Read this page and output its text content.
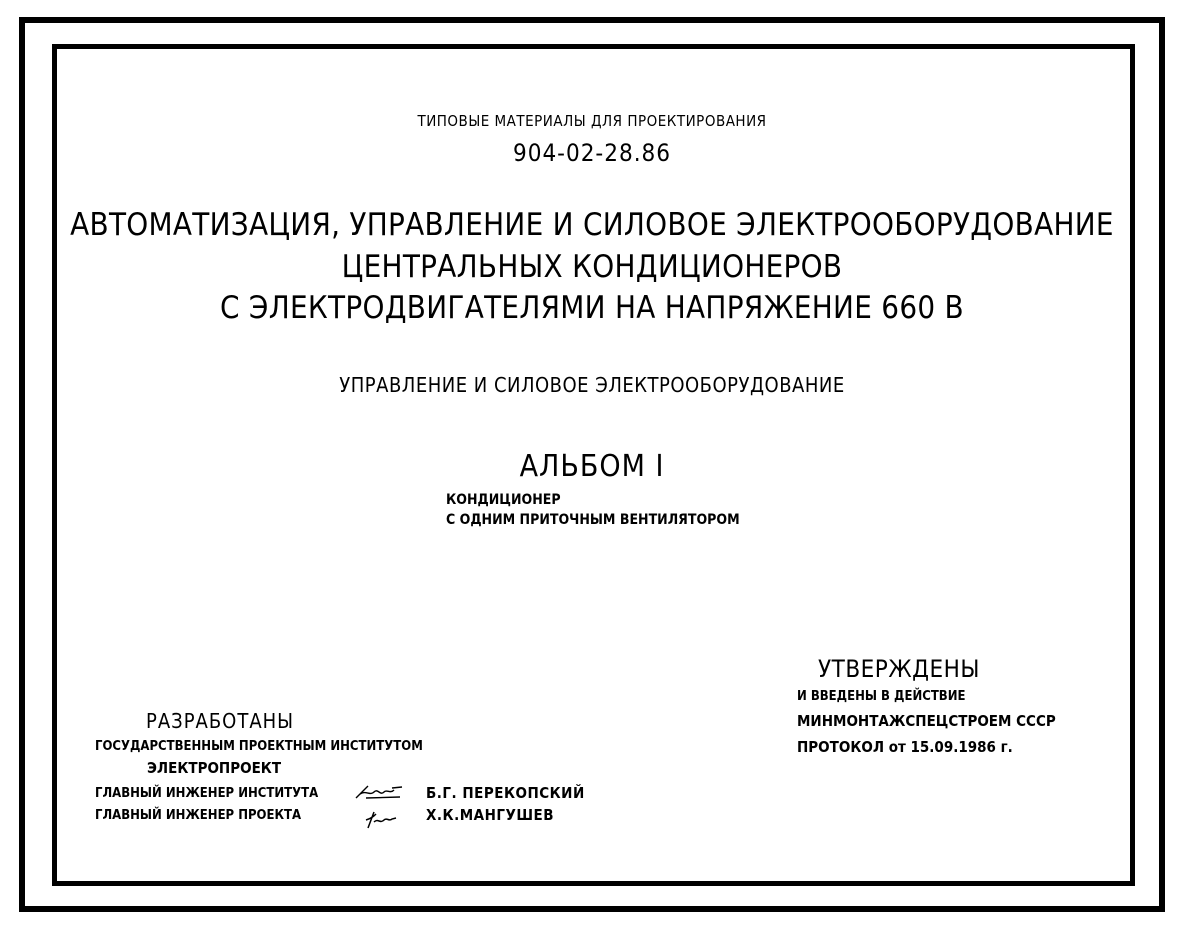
ТИПОВЫЕ МАТЕРИАЛЫ ДЛЯ ПРОЕКТИРОВАНИЯ
904-02-28.86
АВТОМАТИЗАЦИЯ, УПРАВЛЕНИЕ И СИЛОВОЕ ЭЛЕКТРООБОРУДОВАНИЕ
ЦЕНТРАЛЬНЫХ КОНДИЦИОНЕРОВ
С ЭЛЕКТРОДВИГАТЕЛЯМИ НА НАПРЯЖЕНИЕ 660 В
УПРАВЛЕНИЕ И СИЛОВОЕ ЭЛЕКТРООБОРУДОВАНИЕ
АЛЬБОМ I
КОНДИЦИОНЕР
С ОДНИМ ПРИТОЧНЫМ ВЕНТИЛЯТОРОМ
УТВЕРЖДЕНЫ
И ВВЕДЕНЫ В ДЕЙСТВИЕ
МИНМОНТАЖСПЕЦСТРОЕМ СССР
ПРОТОКОЛ от 15.09.1986 г.
РАЗРАБОТАНЫ
ГОСУДАРСТВЕННЫМ ПРОЕКТНЫМ ИНСТИТУТОМ
ЭЛЕКТРОПРОЕКТ
ГЛАВНЫЙ ИНЖЕНЕР ИНСТИТУТА	Б.Г. ПЕРЕКОПСКИЙ
ГЛАВНЫЙ ИНЖЕНЕР ПРОЕКТА	Х.К.МАНГУШЕВ
